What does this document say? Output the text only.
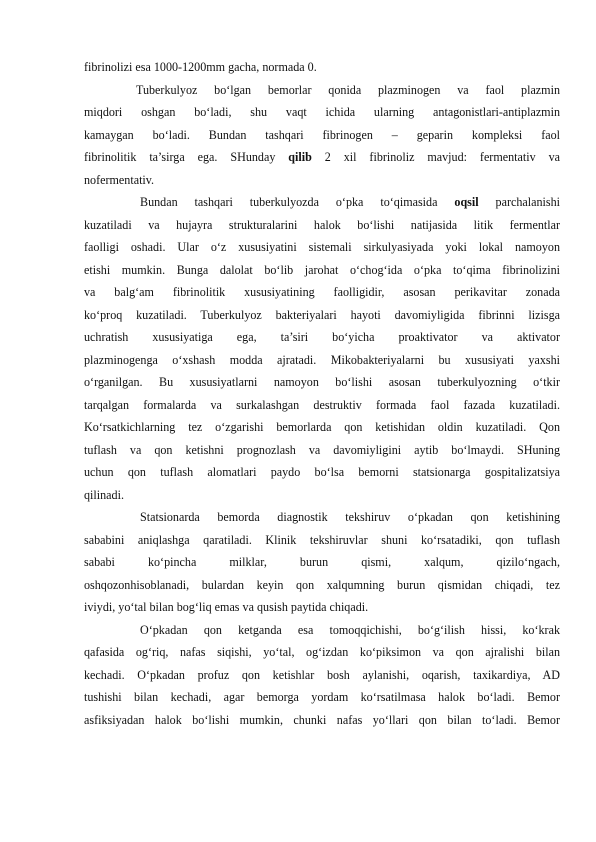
fibrinolizi esa 1000-1200mm gacha, normada 0.
Tuberkulyoz bo‘lgan bemorlar qonida plazminogen va faol plazmin
miqdori oshgan bo‘ladi, shu vaqt ichida ularning antagonistlari-antiplazmin
kamaygan bo‘ladi. Bundan tashqari fibrinogen – geparin kompleksi faol
fibrinolitik ta’sirga ega. SHunday qilib 2 xil fibrinoliz mavjud: fermentativ va
nofermentativ.
Bundan tashqari tuberkulyozda o‘pka to‘qimasida oqsil parchalanishi
kuzatiladi va hujayra strukturalarini halok bo‘lishi natijasida litik fermentlar
faolligi oshadi. Ular o‘z xususiyatini sistemali sirkulyasiyada yoki lokal namoyon
etishi mumkin. Bunga dalolat bo‘lib jarohat o‘chog‘ida o‘pka to‘qima fibrinolizini
va balg‘am fibrinolitik xususiyatining faolligidir, asosan perikavitar zonada
ko‘proq kuzatiladi. Tuberkulyoz bakteriyalari hayoti davomiyligida fibrinni lizisga
uchratish xususiyatiga ega, ta’siri bo‘yicha proaktivator va aktivator
plazminogenga o‘xshash modda ajratadi. Mikobakteriyalarni bu xususiyati yaxshi
o‘rganilgan. Bu xususiyatlarni namoyon bo‘lishi asosan tuberkulyozning o‘tkir
tarqalgan formalarda va surkalashgan destruktiv formada faol fazada kuzatiladi.
Ko‘rsatkichlarning tez o‘zgarishi bemorlarda qon ketishidan oldin kuzatiladi. Qon
tuflash va qon ketishni prognozlash va davomiyligini aytib bo‘lmaydi. SHuning
uchun qon tuflash alomatlari paydo bo‘lsa bemorni statsionarga gospitalizatsiya
qilinadi.
Statsionarda bemorda diagnostik tekshiruv o‘pkadan qon ketishining
sababini aniqlashga qaratiladi. Klinik tekshiruvlar shuni ko‘rsatadiki, qon tuflash
sababi ko‘pincha milklar, burun qismi, xalqum, qizilo‘ngach,
oshqozonhisoblanadi, bulardan keyin qon xalqumning burun qismidan chiqadi, tez
iviydi, yo‘tal bilan bog‘liq emas va qusish paytida chiqadi.
O‘pkadan qon ketganda esa tomoqqichishi, bo‘g‘ilish hissi, ko‘krak
qafasida og‘riq, nafas siqishi, yo‘tal, og‘izdan ko‘piksimon va qon ajralishi bilan
kechadi. O‘pkadan profuz qon ketishlar bosh aylanishi, oqarish, taxikardiya, AD
tushishi bilan kechadi, agar bemorga yordam ko‘rsatilmasa halok bo‘ladi. Bemor
asfiksiyadan halok bo‘lishi mumkin, chunki nafas yo‘llari qon bilan to‘ladi. Bemor
